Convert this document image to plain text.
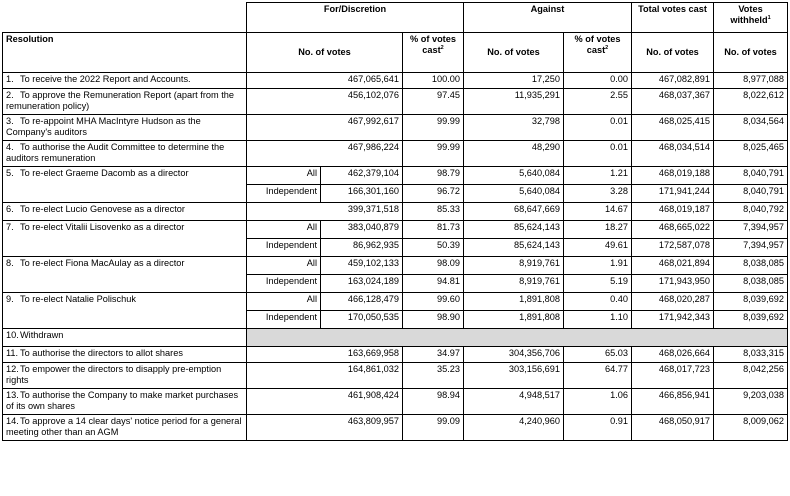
	For/Discretion			Against		Total votes cast	Votes withheld$^1$
Resolution	No. of votes		% of votes cast$^2$	No. of votes	% of votes cast$^2$	No. of votes	No. of votes
1. To receive the 2022 Report and Accounts.	467,065,641		100.00	17,250	0.00	467,082,891	8,977,088
2. To approve the Remuneration Report (apart from the remuneration policy)	456,102,076		97.45	11,935,291	2.55	468,037,367	8,022,612
3. To re-appoint MHA MacIntyre Hudson as the Company's auditors	467,992,617		99.99	32,798	0.01	468,025,415	8,034,564
4. To authorise the Audit Committee to determine the auditors remuneration	467,986,224		99.99	48,290	0.01	468,034,514	8,025,465
5. To re-elect Graeme Dacomb as a director	All	462,379,104	98.79	5,640,084	1.21	468,019,188	8,040,791
	Independent	166,301,160	96.72	5,640,084	3.28	171,941,244	8,040,791
6. To re-elect Lucio Genovese as a director	399,371,518		85.33	68,647,669	14.67	468,019,187	8,040,792
7. To re-elect Vitalii Lisovenko as a director	All	383,040,879	81.73	85,624,143	18.27	468,665,022	7,394,957
	Independent	86,962,935	50.39	85,624,143	49.61	172,587,078	7,394,957
8. To re-elect Fiona MacAulay as a director	All	459,102,133	98.09	8,919,761	1.91	468,021,894	8,038,085
	Independent	163,024,189	94.81	8,919,761	5.19	171,943,950	8,038,085
9. To re-elect Natalie Polischuk	All	466,128,479	99.60	1,891,808	0.40	468,020,287	8,039,692
	Independent	170,050,535	98.90	1,891,808	1.10	171,942,343	8,039,692
10.Withdrawn							
11. To authorise the directors to allot shares	163,669,958		34.97	304,356,706	65.03	468,026,664	8,033,315
12.To empower the directors to disapply pre-emption rights	164,861,032		35.23	303,156,691	64.77	468,017,723	8,042,256
13.To authorise the Company to make market purchases of its own shares	461,908,424		98.94	4,948,517	1.06	466,856,941	9,203,038
14.To approve a 14 clear days' notice period for a general meeting other than an AGM	463,809,957		99.09	4,240,960	0.91	468,050,917	8,009,062
